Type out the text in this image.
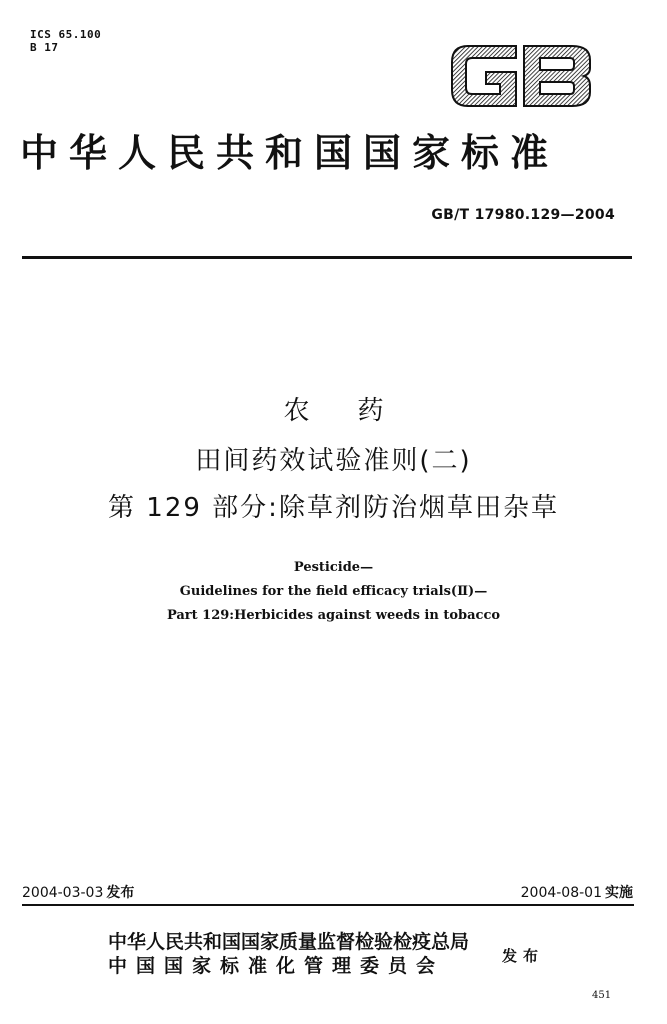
ICS 65.100
B 17
GB
中华人民共和国国家标准
GB/T 17980.129—2004
农药
田间药效试验准则(二)
第 129 部分:除草剂防治烟草田杂草
Pesticide—
Guidelines for the field efficacy trials(Ⅱ)—
Part 129:Herbicides against weeds in tobacco
2004-03-03 发布	2004-08-01 实施
中华人民共和国国家质量监督检验检疫总局
中国国家标准化管理委员会	发布
451
